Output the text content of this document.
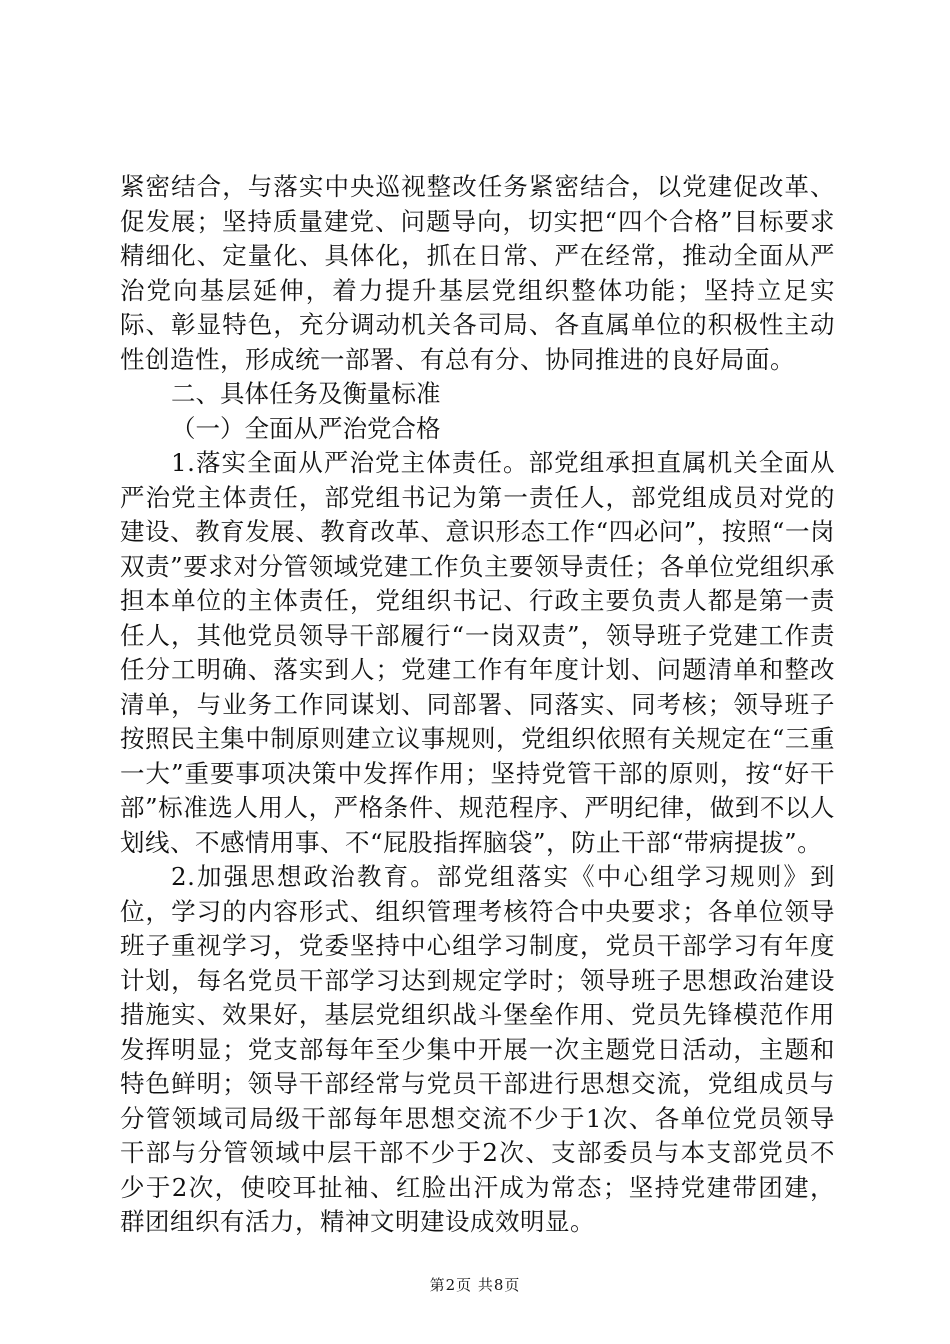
紧密结合，与落实中央巡视整改任务紧密结合，以党建促改革、促发展；坚持质量建党、问题导向，切实把“四个合格”目标要求精细化、定量化、具体化，抓在日常、严在经常，推动全面从严治党向基层延伸，着力提升基层党组织整体功能；坚持立足实际、彰显特色，充分调动机关各司局、各直属单位的积极性主动性创造性，形成统一部署、有总有分、协同推进的良好局面。

二、具体任务及衡量标准

（一）全面从严治党合格

1.落实全面从严治党主体责任。部党组承担直属机关全面从严治党主体责任，部党组书记为第一责任人，部党组成员对党的建设、教育发展、教育改革、意识形态工作“四必问”，按照“一岗双责”要求对分管领域党建工作负主要领导责任；各单位党组织承担本单位的主体责任，党组织书记、行政主要负责人都是第一责任人，其他党员领导干部履行“一岗双责”，领导班子党建工作责任分工明确、落实到人；党建工作有年度计划、问题清单和整改清单，与业务工作同谋划、同部署、同落实、同考核；领导班子按照民主集中制原则建立议事规则，党组织依照有关规定在“三重一大”重要事项决策中发挥作用；坚持党管干部的原则，按“好干部”标准选人用人，严格条件、规范程序、严明纪律，做到不以人划线、不感情用事、不“屁股指挥脑袋”，防止干部“带病提拔”。

2.加强思想政治教育。部党组落实《中心组学习规则》到位，学习的内容形式、组织管理考核符合中央要求；各单位领导班子重视学习，党委坚持中心组学习制度，党员干部学习有年度计划，每名党员干部学习达到规定学时；领导班子思想政治建设措施实、效果好，基层党组织战斗堡垒作用、党员先锋模范作用发挥明显；党支部每年至少集中开展一次主题党日活动，主题和特色鲜明；领导干部经常与党员干部进行思想交流，党组成员与分管领域司局级干部每年思想交流不少于1次、各单位党员领导干部与分管领域中层干部不少于2次、支部委员与本支部党员不少于2次，使咬耳扯袖、红脸出汗成为常态；坚持党建带团建，群团组织有活力，精神文明建设成效明显。

第2页 共8页
